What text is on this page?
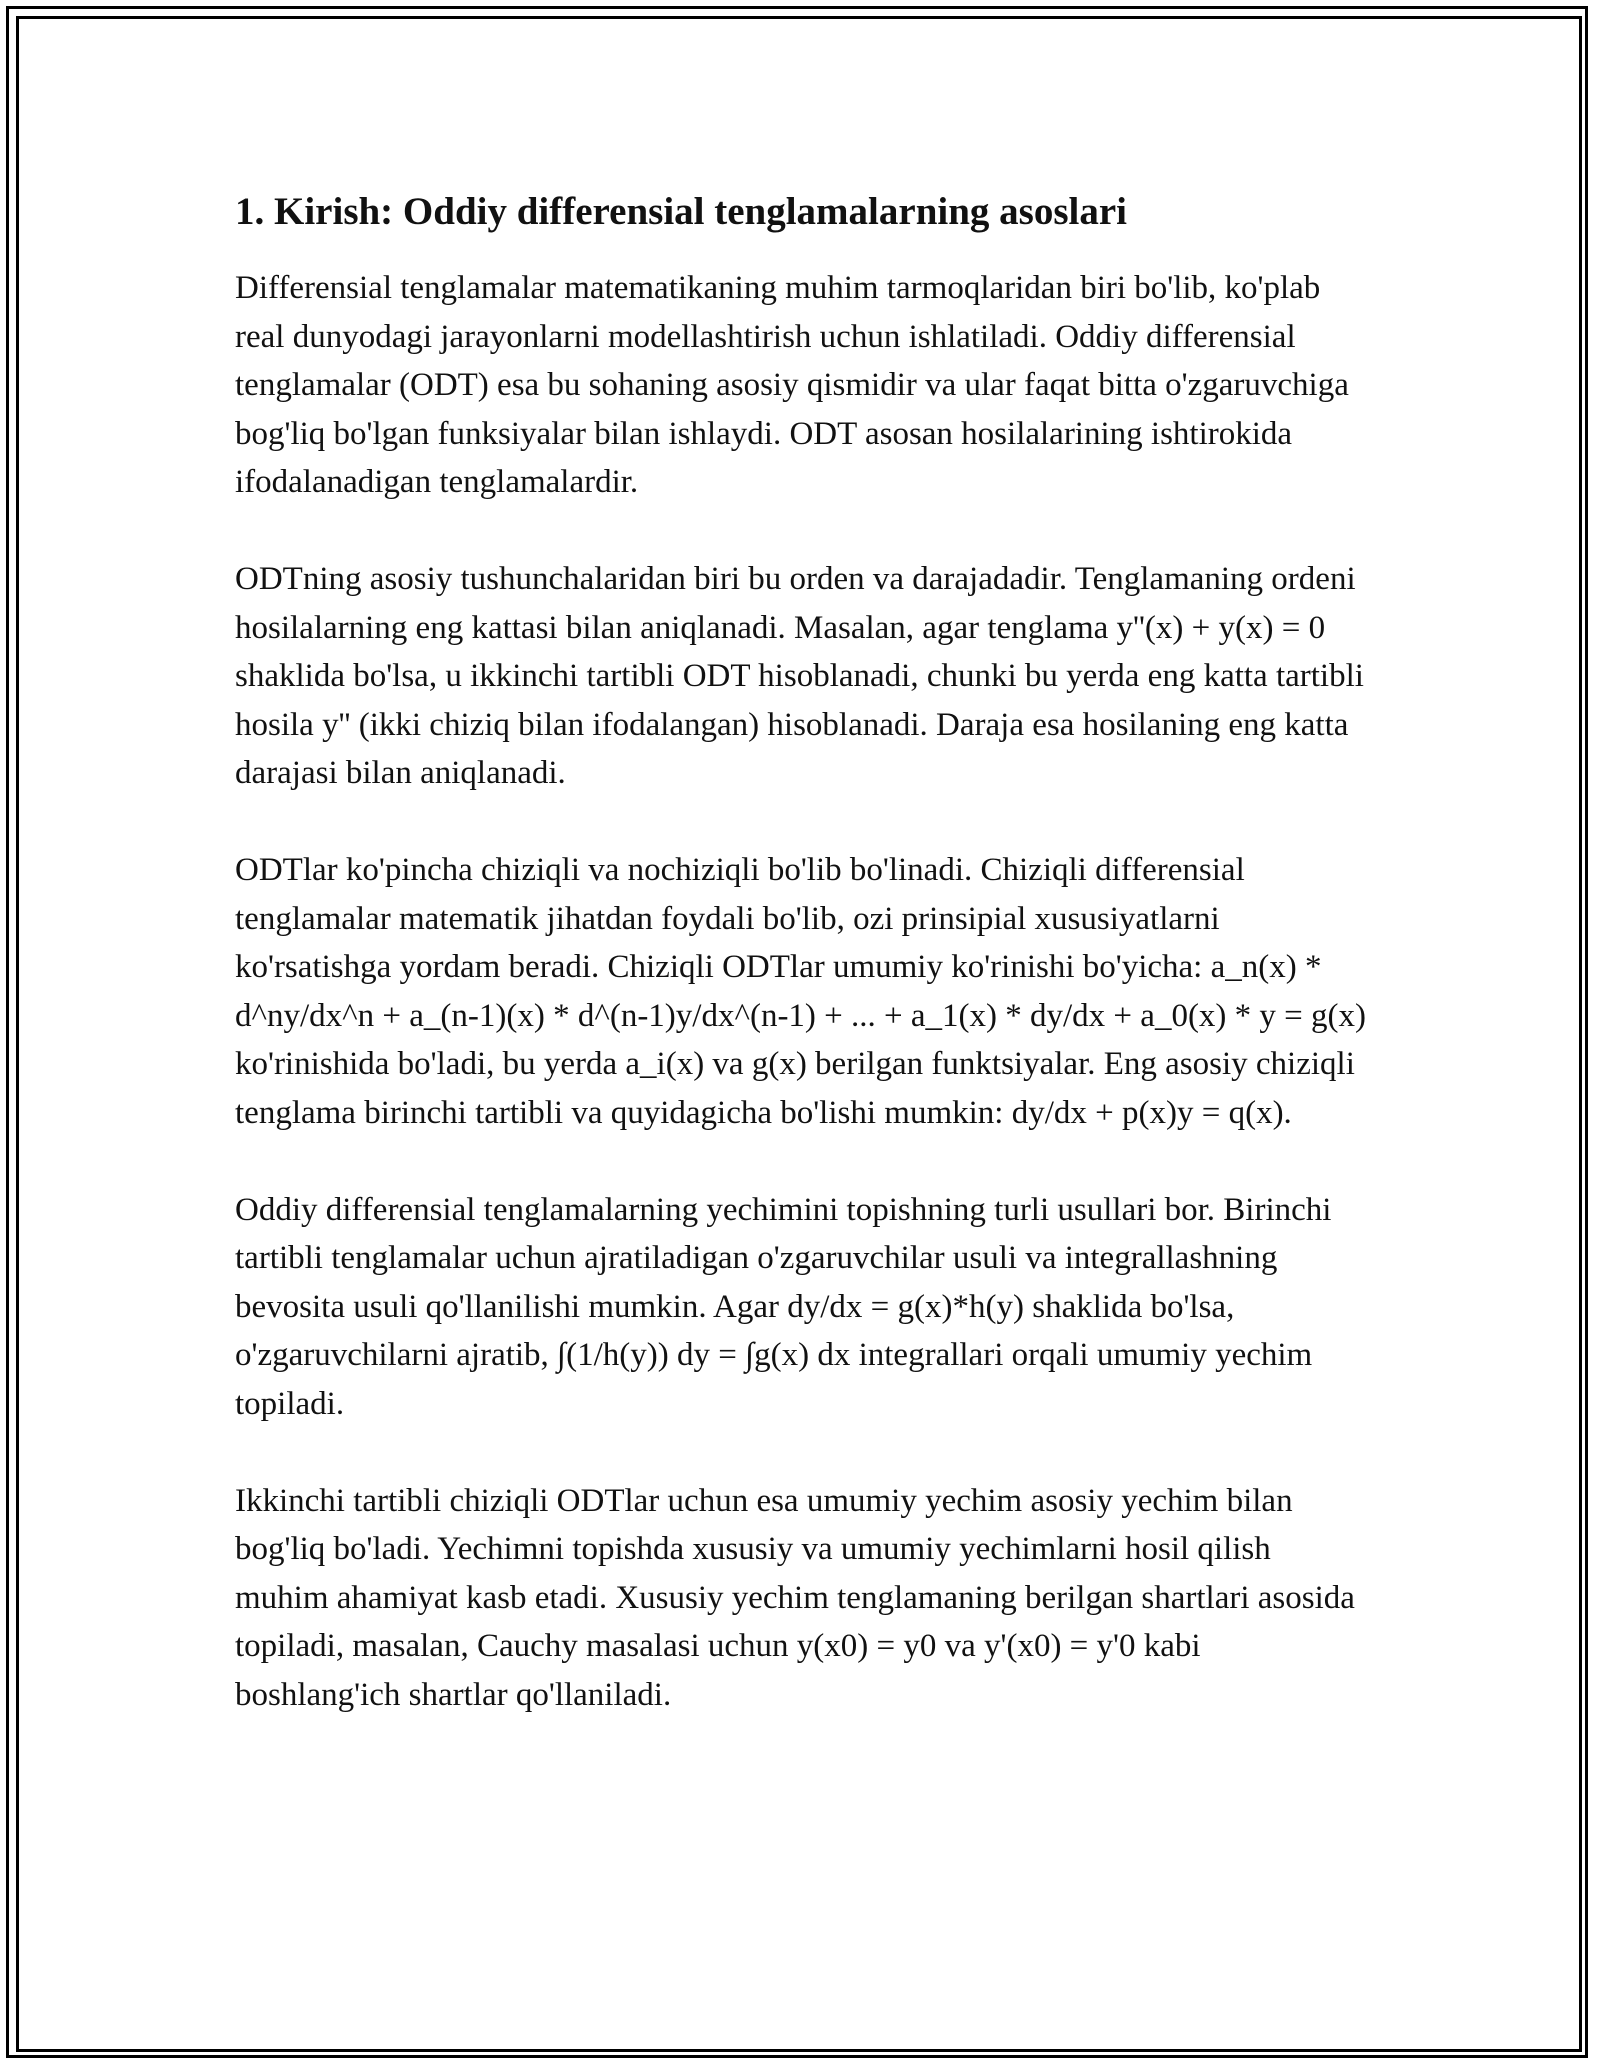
1. Kirish: Oddiy differensial tenglamalarning asoslari

Differensial tenglamalar matematikaning muhim tarmoqlaridan biri bo'lib, ko'plab real dunyodagi jarayonlarni modellashtirish uchun ishlatiladi. Oddiy differensial tenglamalar (ODT) esa bu sohaning asosiy qismidir va ular faqat bitta o'zgaruvchiga bog'liq bo'lgan funksiyalar bilan ishlaydi. ODT asosan hosilalarining ishtirokida ifodalanadigan tenglamalardir.

ODTning asosiy tushunchalaridan biri bu orden va darajadadir. Tenglamaning ordeni hosilalarning eng kattasi bilan aniqlanadi. Masalan, agar tenglama y''(x) + y(x) = 0 shaklida bo'lsa, u ikkinchi tartibli ODT hisoblanadi, chunki bu yerda eng katta tartibli hosila y'' (ikki chiziq bilan ifodalangan) hisoblanadi. Daraja esa hosilaning eng katta darajasi bilan aniqlanadi.

ODTlar ko'pincha chiziqli va nochiziqli bo'lib bo'linadi. Chiziqli differensial tenglamalar matematik jihatdan foydali bo'lib, ozi prinsipial xususiyatlarni ko'rsatishga yordam beradi. Chiziqli ODTlar umumiy ko'rinishi bo'yicha: a_n(x) * d^ny/dx^n + a_(n-1)(x) * d^(n-1)y/dx^(n-1) + ... + a_1(x) * dy/dx + a_0(x) * y = g(x) ko'rinishida bo'ladi, bu yerda a_i(x) va g(x) berilgan funktsiyalar. Eng asosiy chiziqli tenglama birinchi tartibli va quyidagicha bo'lishi mumkin: dy/dx + p(x)y = q(x).

Oddiy differensial tenglamalarning yechimini topishning turli usullari bor. Birinchi tartibli tenglamalar uchun ajratiladigan o'zgaruvchilar usuli va integrallashning bevosita usuli qo'llanilishi mumkin. Agar dy/dx = g(x)*h(y) shaklida bo'lsa, o'zgaruvchilarni ajratib, ∫(1/h(y)) dy = ∫g(x) dx integrallari orqali umumiy yechim topiladi.

Ikkinchi tartibli chiziqli ODTlar uchun esa umumiy yechim asosiy yechim bilan bog'liq bo'ladi. Yechimni topishda xususiy va umumiy yechimlarni hosil qilish muhim ahamiyat kasb etadi. Xususiy yechim tenglamaning berilgan shartlari asosida topiladi, masalan, Cauchy masalasi uchun y(x0) = y0 va y'(x0) = y'0 kabi boshlang'ich shartlar qo'llaniladi.
